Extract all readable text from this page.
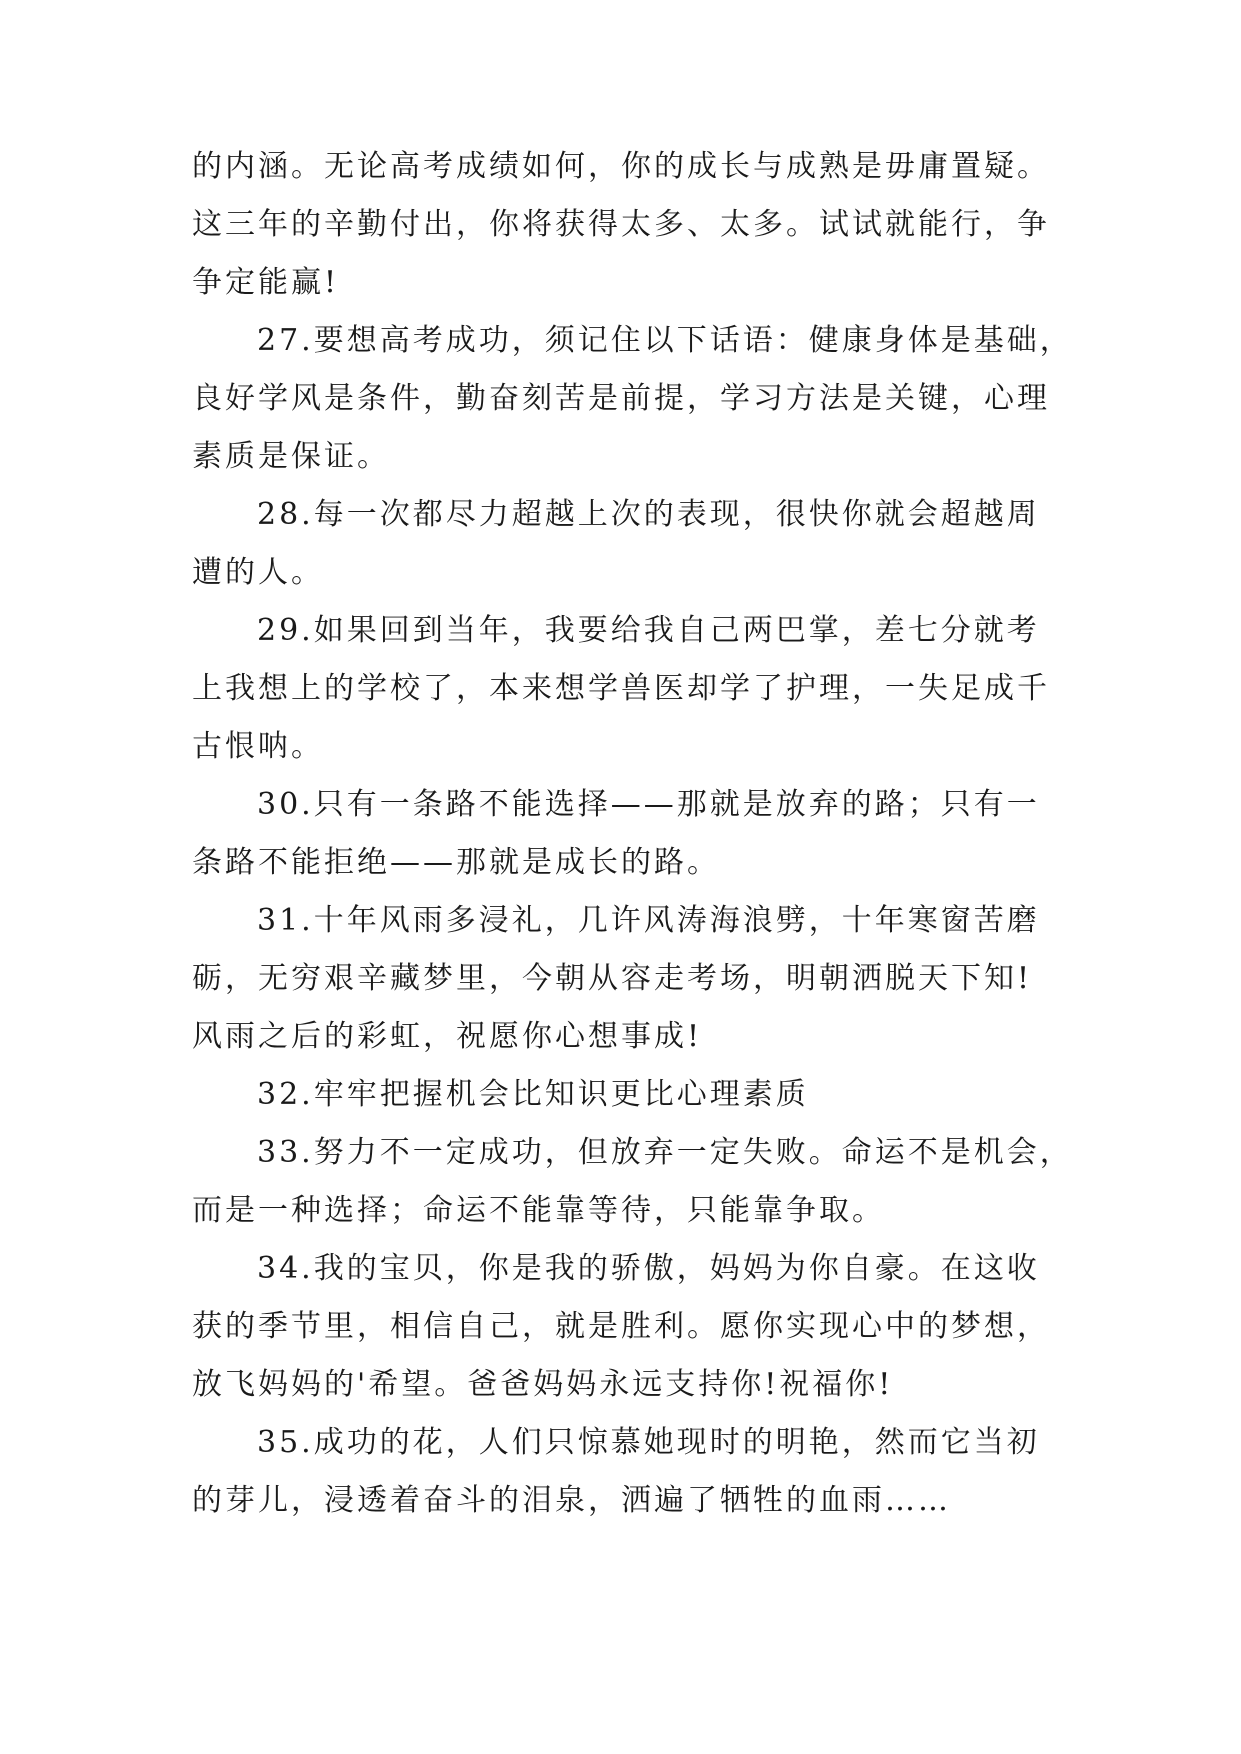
的内涵。无论高考成绩如何，你的成长与成熟是毋庸置疑。
这三年的辛勤付出，你将获得太多、太多。试试就能行，争
争定能赢!
27.要想高考成功，须记住以下话语：健康身体是基础，
良好学风是条件，勤奋刻苦是前提，学习方法是关键，心理
素质是保证。
28.每一次都尽力超越上次的表现，很快你就会超越周
遭的人。
29.如果回到当年，我要给我自己两巴掌，差七分就考
上我想上的学校了，本来想学兽医却学了护理，一失足成千
古恨呐。
30.只有一条路不能选择——那就是放弃的路；只有一
条路不能拒绝——那就是成长的路。
31.十年风雨多浸礼，几许风涛海浪劈，十年寒窗苦磨
砺，无穷艰辛藏梦里，今朝从容走考场，明朝洒脱天下知!
风雨之后的彩虹，祝愿你心想事成!
32.牢牢把握机会比知识更比心理素质
33.努力不一定成功，但放弃一定失败。命运不是机会，
而是一种选择；命运不能靠等待，只能靠争取。
34.我的宝贝，你是我的骄傲，妈妈为你自豪。在这收
获的季节里，相信自己，就是胜利。愿你实现心中的梦想，
放飞妈妈的'希望。爸爸妈妈永远支持你!祝福你!
35.成功的花，人们只惊慕她现时的明艳，然而它当初
的芽儿，浸透着奋斗的泪泉，洒遍了牺牲的血雨……
